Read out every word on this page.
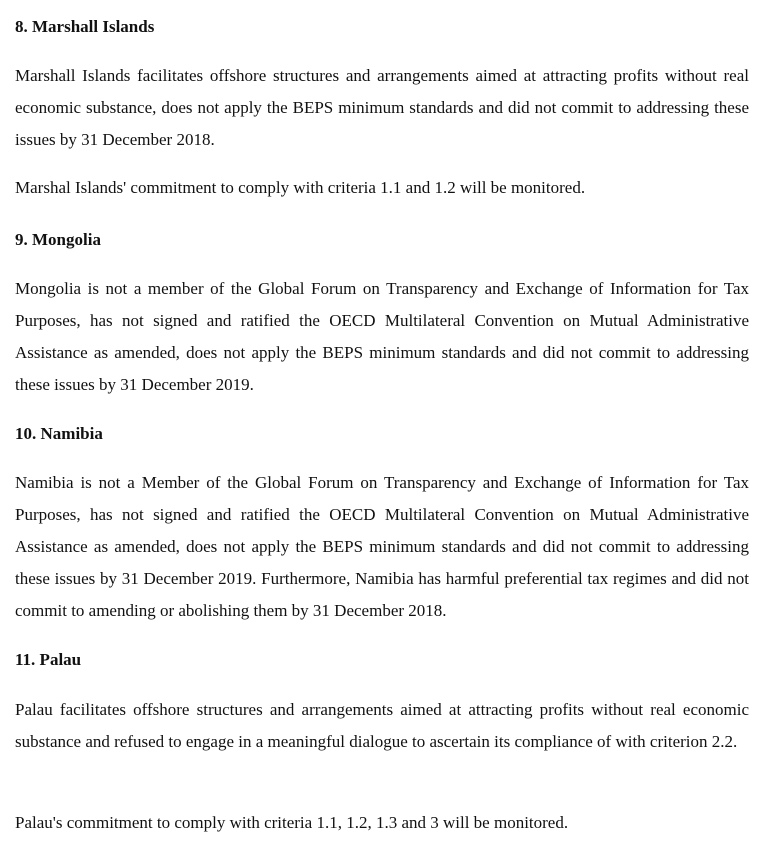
8. Marshall Islands

Marshall Islands facilitates offshore structures and arrangements aimed at attracting profits without real economic substance, does not apply the BEPS minimum standards and did not commit to addressing these issues by 31 December 2018.

Marshal Islands' commitment to comply with criteria 1.1 and 1.2 will be monitored.

9. Mongolia

Mongolia is not a member of the Global Forum on Transparency and Exchange of Information for Tax Purposes, has not signed and ratified the OECD Multilateral Convention on Mutual Administrative Assistance as amended, does not apply the BEPS minimum standards and did not commit to addressing these issues by 31 December 2019.

10. Namibia

Namibia is not a Member of the Global Forum on Transparency and Exchange of Information for Tax Purposes, has not signed and ratified the OECD Multilateral Convention on Mutual Administrative Assistance as amended, does not apply the BEPS minimum standards and did not commit to addressing these issues by 31 December 2019. Furthermore, Namibia has harmful preferential tax regimes and did not commit to amending or abolishing them by 31 December 2018.

11. Palau

Palau facilitates offshore structures and arrangements aimed at attracting profits without real economic substance and refused to engage in a meaningful dialogue to ascertain its compliance of with criterion 2.2.

Palau's commitment to comply with criteria 1.1, 1.2, 1.3 and 3 will be monitored.
